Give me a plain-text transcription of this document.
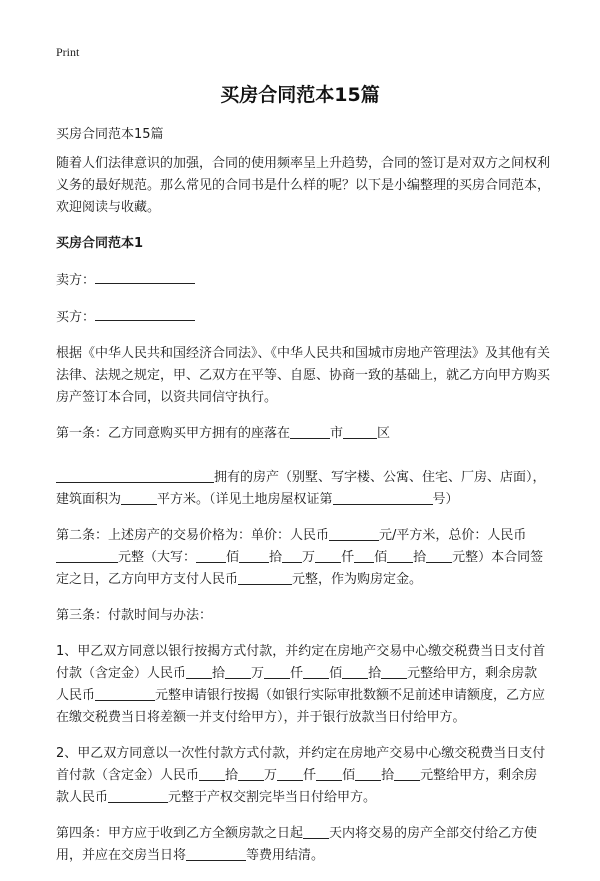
Print
买房合同范本15篇

买房合同范本15篇

随着人们法律意识的加强，合同的使用频率呈上升趋势，合同的签订是对双方之间权利义务的最好规范。那么常见的合同书是什么样的呢？以下是小编整理的买房合同范本，欢迎阅读与收藏。

买房合同范本1

卖方：

买方：

根据《中华人民共和国经济合同法》、《中华人民共和国城市房地产管理法》及其他有关法律、法规之规定，甲、乙双方在平等、自愿、协商一致的基础上，就乙方向甲方购买房产签订本合同，以资共同信守执行。

第一条：乙方同意购买甲方拥有的座落在	市	区

拥有的房产（别墅、写字楼、公寓、住宅、厂房、店面），建筑面积为	平方米。（详见土地房屋权证第	号）

第二条：上述房产的交易价格为：单价：人民币	元/平方米，总价：人民币元整（大写： 佰 拾 万 仟 佰 拾 元整）本合同签定之日，乙方向甲方支付人民币	元整，作为购房定金。

第三条：付款时间与办法：

1、甲乙双方同意以银行按揭方式付款，并约定在房地产交易中心缴交税费当日支付首付款（含定金）人民币 拾 万 仟 佰 拾 元整给甲方，剩余房款人民币	元整申请银行按揭（如银行实际审批数额不足前述申请额度，乙方应在缴交税费当日将差额一并支付给甲方），并于银行放款当日付给甲方。

2、甲乙双方同意以一次性付款方式付款，并约定在房地产交易中心缴交税费当日支付首付款（含定金）人民币 拾 万 仟 佰 拾 元整给甲方，剩余房款人民币	元整于产权交割完毕当日付给甲方。

第四条：甲方应于收到乙方全额房款之日起 天内将交易的房产全部交付给乙方使用，并应在交房当日将	等费用结清。
